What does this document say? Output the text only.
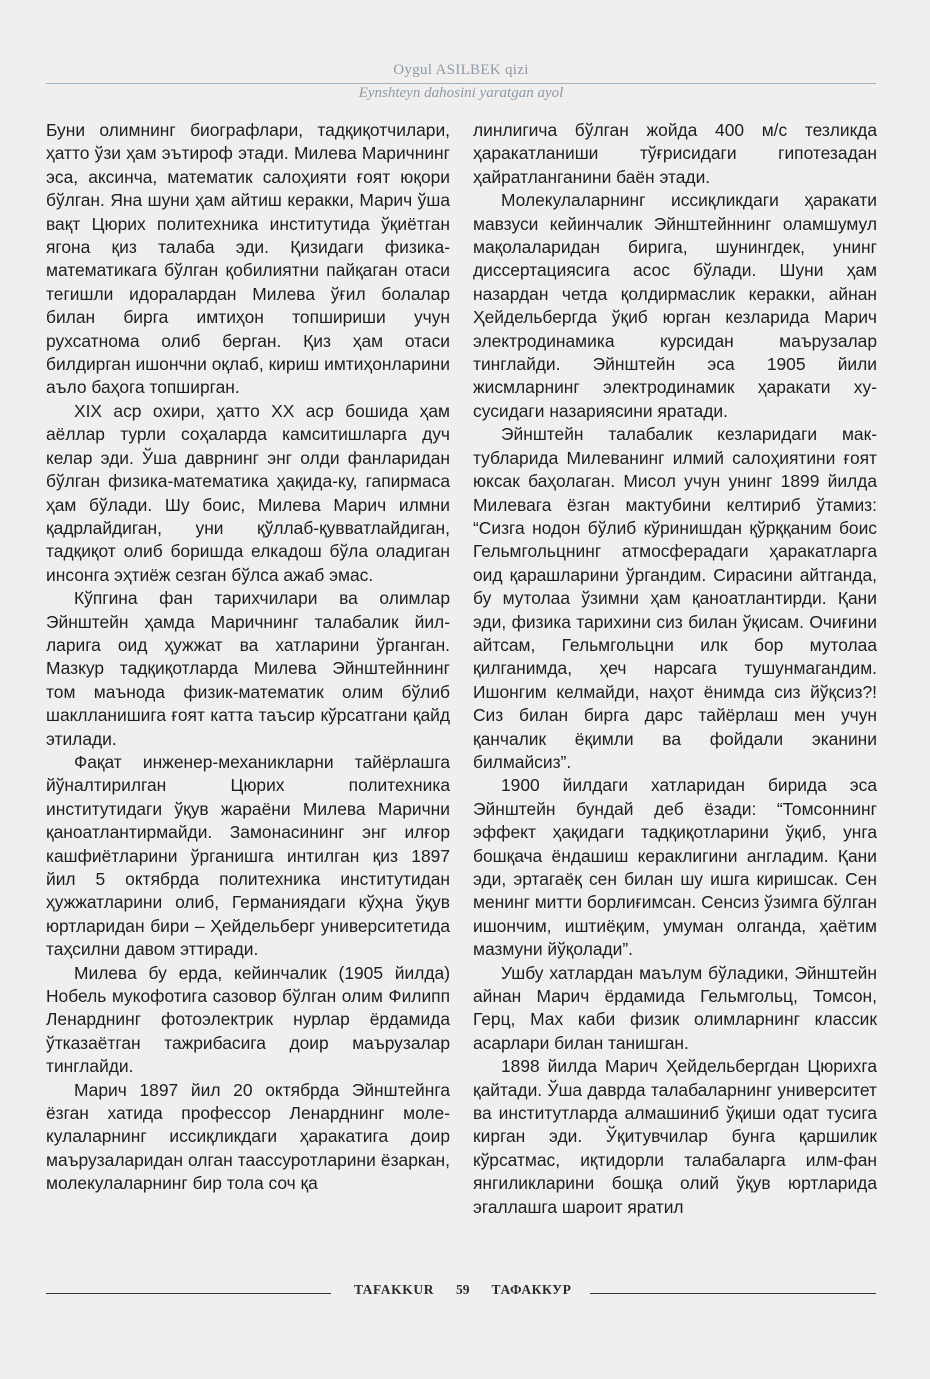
Oygul ASILBEK qizi
Eynshteyn dahosini yaratgan ayol

Буни олимнинг биографлари, тадқиқотчилари, ҳатто ўзи ҳам эътироф этади. Милева Маричнинг эса, аксинча, математик салоҳияти ғоят юқори бўлган. Яна шуни ҳам айтиш керакки, Марич ўша вақт Цюрих политехника институтида ўқиётган ягона қиз талаба эди. Қизидаги физика-математикага бўлган қобилиятни пайқаган отаси тегишли идоралардан Милева ўғил болалар билан бирга имтиҳон топшириши учун рухсатнома олиб берган. Қиз ҳам отаси билдирган ишончни оқлаб, кириш имтиҳонларини аъло баҳога топширган.

XIX асp охири, ҳатто XX асp бошида ҳам аёллар турли соҳаларда камситишларга дуч келар эди. Ўша даврнинг энг олди фанларидан бўлган физика-математика ҳақида-ку, гапирмаса ҳам бўлади. Шу боис, Милева Марич илмни қадрлайдиган, уни қўллаб-қувватлайдиган, тадқиқот олиб боришда елкадош бўла оладиган инсонга эҳтиёж сезган бўлса ажаб эмас.

Кўпгина фан тарихчилари ва олимлар Эйнштейн ҳамда Маричнинг талабалик йилларига оид ҳужжат ва хатларини ўрганган. Мазкур тадқиқотларда Милева Эйнштейннинг том маънода физик-математик олим бўлиб шаклланишига ғоят катта таъсир кўрсатгани қайд этилади.

Фақат инженер-механикларни тайёрлашга йўналтирилган Цюрих политехника институтидаги ўқув жараёни Милева Марични қаноатлантирмайди. Замонасининг энг илғор кашфиётларини ўрганишга интилган қиз 1897 йил 5 октябрда политехника институтидан ҳужжатларини олиб, Германиядаги кўҳна ўқув юртларидан бири – Ҳейдельберг университетида таҳсилни давом эттиради.

Милева бу ерда, кейинчалик (1905 йилда) Нобель мукофотига сазовор бўлган олим Филипп Ленарднинг фотоэлектрик нурлар ёрдамида ўтказаётган тажрибасига доир маърузалар тинглайди.

Марич 1897 йил 20 октябрда Эйнштейнга ёзган хатида профессор Ленарднинг молекулаларнинг иссиқликдаги ҳаракатига доир маърузаларидан олган таассуротларини ёзаркан, молекулаларнинг бир тола соч қа

линлигича бўлган жойда 400 м/с тезликда ҳаракатланиши тўғрисидаги гипотезадан ҳайратланганини баён этади.

Молекулаларнинг иссиқликдаги ҳаракати мавзуси кейинчалик Эйнштейннинг оламшумул мақолаларидан бирига, шунингдек, унинг диссертациясига асос бўлади. Шуни ҳам назардан четда қолдирмаслик керакки, айнан Ҳейдельбергда ўқиб юрган кезларида Марич электродинамика курсидан маърузалар тинглайди. Эйнштейн эса 1905 йили жисмларнинг электродинамик ҳаракати хусусидаги назариясини яратади.

Эйнштейн талабалик кезларидаги мактубларида Милеванинг илмий салоҳиятини ғоят юксак баҳолаган. Мисол учун унинг 1899 йилда Милевага ёзган мактубини келтириб ўтамиз: “Сизга нодон бўлиб кўринишдан қўрққаним боис Гельмгольцнинг атмосферадаги ҳаракатларга оид қарашларини ўргандим. Сирасини айтганда, бу мутолаа ўзимни ҳам қаноатлантирди. Қани эди, физика тарихини сиз билан ўқисам. Очиғини айтсам, Гельмгольцни илк бор мутолаа қилганимда, ҳеч нарсага тушунмагандим. Ишонгим келмайди, наҳот ёнимда сиз йўқсиз?! Сиз билан бирга дарс тайёрлаш мен учун қанчалик ёқимли ва фойдали эканини билмайсиз”.

1900 йилдаги хатларидан бирида эса Эйнштейн бундай деб ёзади: “Томсоннинг эффект ҳақидаги тадқиқотларини ўқиб, унга бошқача ёндашиш кераклигини англадим. Қани эди, эртагаёқ сен билан шу ишга киришсак. Сен менинг митти борлиғимсан. Сенсиз ўзимга бўлган ишончим, иштиёқим, умуман олганда, ҳаётим мазмуни йўқолади”.

Ушбу хатлардан маълум бўладики, Эйнштейн айнан Марич ёрдамида Гельмгольц, Томсон, Герц, Мах каби физик олимларнинг классик асарлари билан танишган.

1898 йилда Марич Ҳейдельбергдан Цюрихга қайтади. Ўша даврда талабаларнинг университет ва институтларда алмашиниб ўқиши одат тусига кирган эди. Ўқитувчилар бунга қаршилик кўрсатмас, иқтидорли талабаларга илм-фан янгиликларини бошқа олий ўқув юртларида эгаллашга шароит яратил

TAFAKKUR 59 ТАФАККУР
